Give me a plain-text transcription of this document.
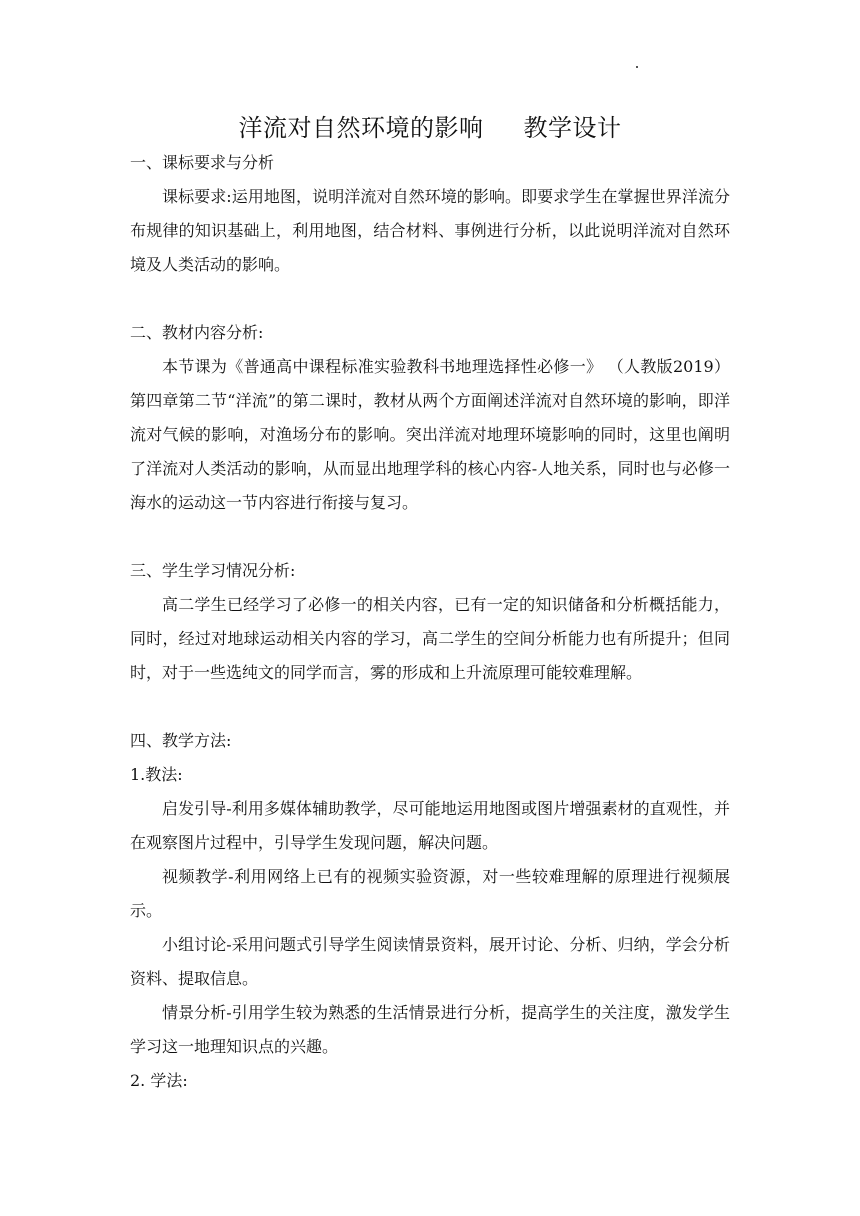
洋流对自然环境的影响 教学设计

一、课标要求与分析

课标要求:运用地图，说明洋流对自然环境的影响。即要求学生在掌握世界洋流分布规律的知识基础上，利用地图，结合材料、事例进行分析，以此说明洋流对自然环境及人类活动的影响。

二、教材内容分析:

本节课为《普通高中课程标准实验教科书地理选择性必修一》 （人教版2019）第四章第二节“洋流”的第二课时，教材从两个方面阐述洋流对自然环境的影响，即洋流对气候的影响，对渔场分布的影响。突出洋流对地理环境影响的同时，这里也阐明了洋流对人类活动的影响，从而显出地理学科的核心内容-人地关系，同时也与必修一海水的运动这一节内容进行衔接与复习。

三、学生学习情况分析:

高二学生已经学习了必修一的相关内容，已有一定的知识储备和分析概括能力，同时，经过对地球运动相关内容的学习，高二学生的空间分析能力也有所提升；但同时，对于一些选纯文的同学而言，雾的形成和上升流原理可能较难理解。

四、教学方法:

1.教法:

启发引导-利用多媒体辅助教学，尽可能地运用地图或图片增强素材的直观性，并在观察图片过程中，引导学生发现问题，解决问题。

视频教学-利用网络上已有的视频实验资源，对一些较难理解的原理进行视频展示。

小组讨论-采用问题式引导学生阅读情景资料，展开讨论、分析、归纳，学会分析资料、提取信息。

情景分析-引用学生较为熟悉的生活情景进行分析，提高学生的关注度，激发学生学习这一地理知识点的兴趣。

2. 学法:
